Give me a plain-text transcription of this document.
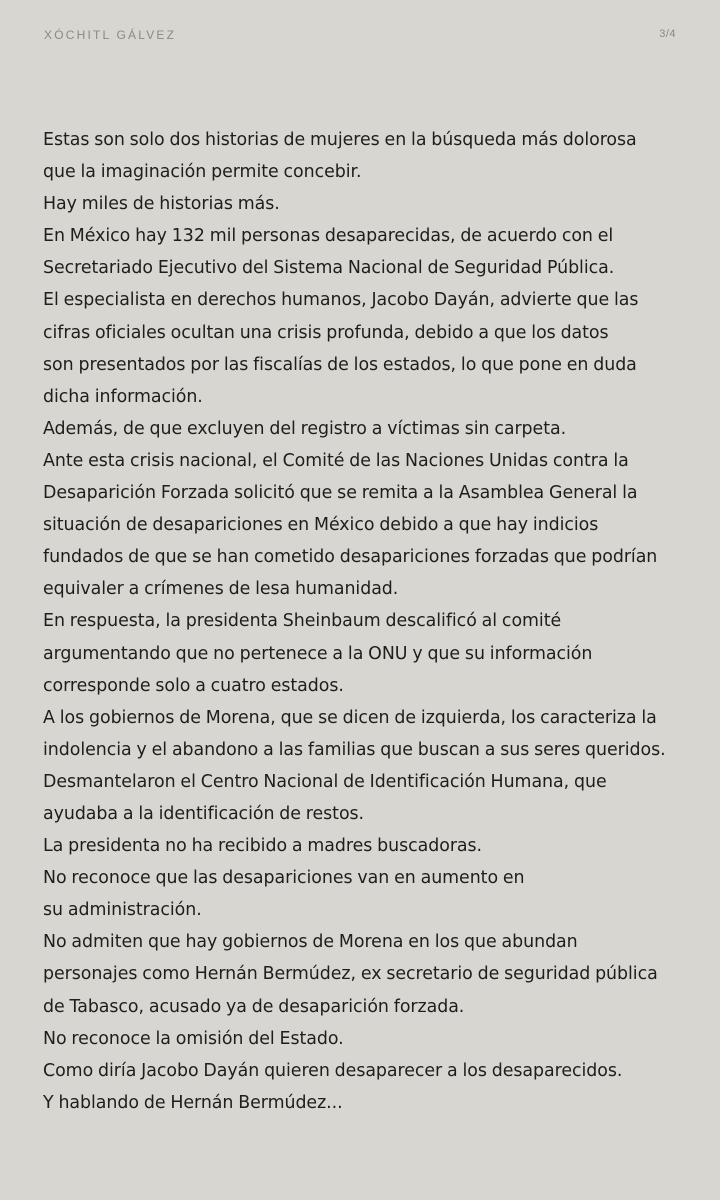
XÓCHITL GÁLVEZ	3/4
Estas son solo dos historias de mujeres en la búsqueda más dolorosa
que la imaginación permite concebir.
Hay miles de historias más.
En México hay 132 mil personas desaparecidas, de acuerdo con el
Secretariado Ejecutivo del Sistema Nacional de Seguridad Pública.
El especialista en derechos humanos, Jacobo Dayán, advierte que las
cifras oficiales ocultan una crisis profunda, debido a que los datos
son presentados por las fiscalías de los estados, lo que pone en duda
dicha información.
Además, de que excluyen del registro a víctimas sin carpeta.
Ante esta crisis nacional, el Comité de las Naciones Unidas contra la
Desaparición Forzada solicitó que se remita a la Asamblea General la
situación de desapariciones en México debido a que hay indicios
fundados de que se han cometido desapariciones forzadas que podrían
equivaler a crímenes de lesa humanidad.
En respuesta, la presidenta Sheinbaum descalificó al comité
argumentando que no pertenece a la ONU y que su información
corresponde solo a cuatro estados.
A los gobiernos de Morena, que se dicen de izquierda, los caracteriza la
indolencia y el abandono a las familias que buscan a sus seres queridos.
Desmantelaron el Centro Nacional de Identificación Humana, que
ayudaba a la identificación de restos.
La presidenta no ha recibido a madres buscadoras.
No reconoce que las desapariciones van en aumento en
su administración.
No admiten que hay gobiernos de Morena en los que abundan
personajes como Hernán Bermúdez, ex secretario de seguridad pública
de Tabasco, acusado ya de desaparición forzada.
No reconoce la omisión del Estado.
Como diría Jacobo Dayán quieren desaparecer a los desaparecidos.
Y hablando de Hernán Bermúdez...
